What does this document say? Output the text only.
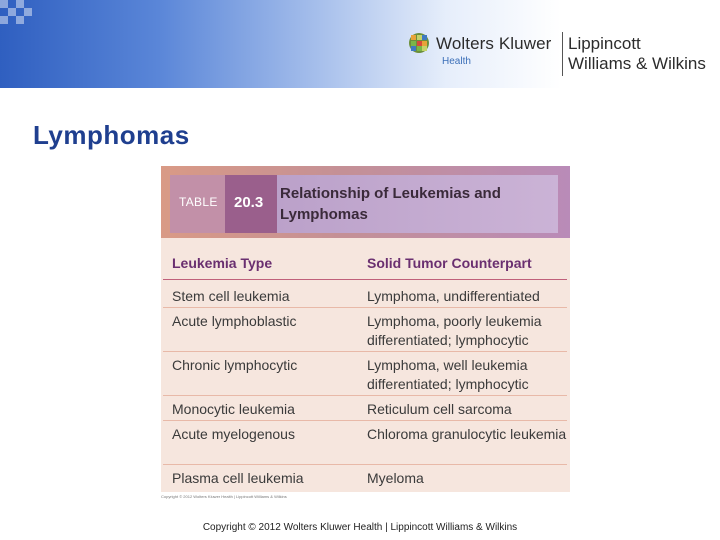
Wolters Kluwer
Health
Lippincott
Williams & Wilkins
Lymphomas
TABLE 20.3
Relationship of Leukemias and
Lymphomas
Leukemia Type	Solid Tumor Counterpart
Stem cell leukemia	Lymphoma, undifferentiated
Acute lymphoblastic	Lymphoma, poorly leukemia differentiated; lymphocytic
Chronic lymphocytic	Lymphoma, well leukemia differentiated; lymphocytic
Monocytic leukemia	Reticulum cell sarcoma
Acute myelogenous	Chloroma granulocytic leukemia
Plasma cell leukemia	Myeloma
Copyright © 2012 Wolters Kluwer Health | Lippincott Williams & Wilkins
Copyright © 2012 Wolters Kluwer Health | Lippincott Williams & Wilkins
